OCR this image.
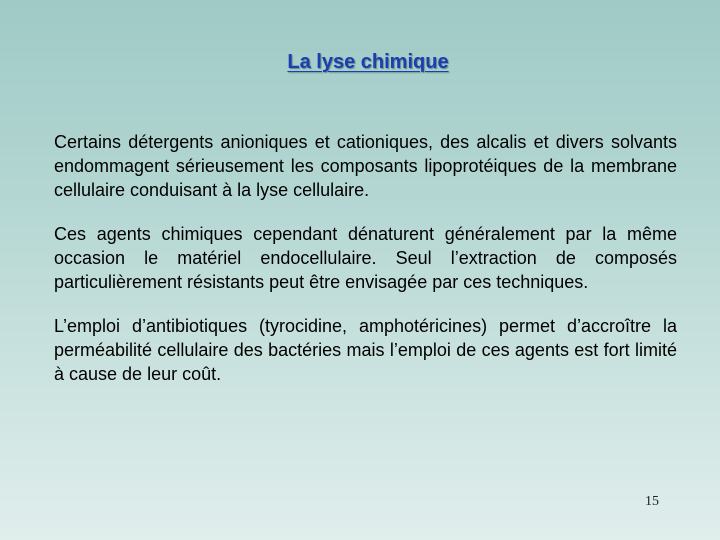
La lyse chimique

Certains détergents anioniques et cationiques, des alcalis et divers solvants endommagent sérieusement les composants lipoprotéiques de la membrane cellulaire conduisant à la lyse cellulaire.

Ces agents chimiques cependant dénaturent généralement par la même occasion le matériel endocellulaire. Seul l’extraction de composés particulièrement résistants peut être envisagée par ces techniques.

L’emploi d’antibiotiques (tyrocidine, amphotéricines) permet d’accroître la perméabilité cellulaire des bactéries mais l’emploi de ces agents est fort limité à cause de leur coût.

15
